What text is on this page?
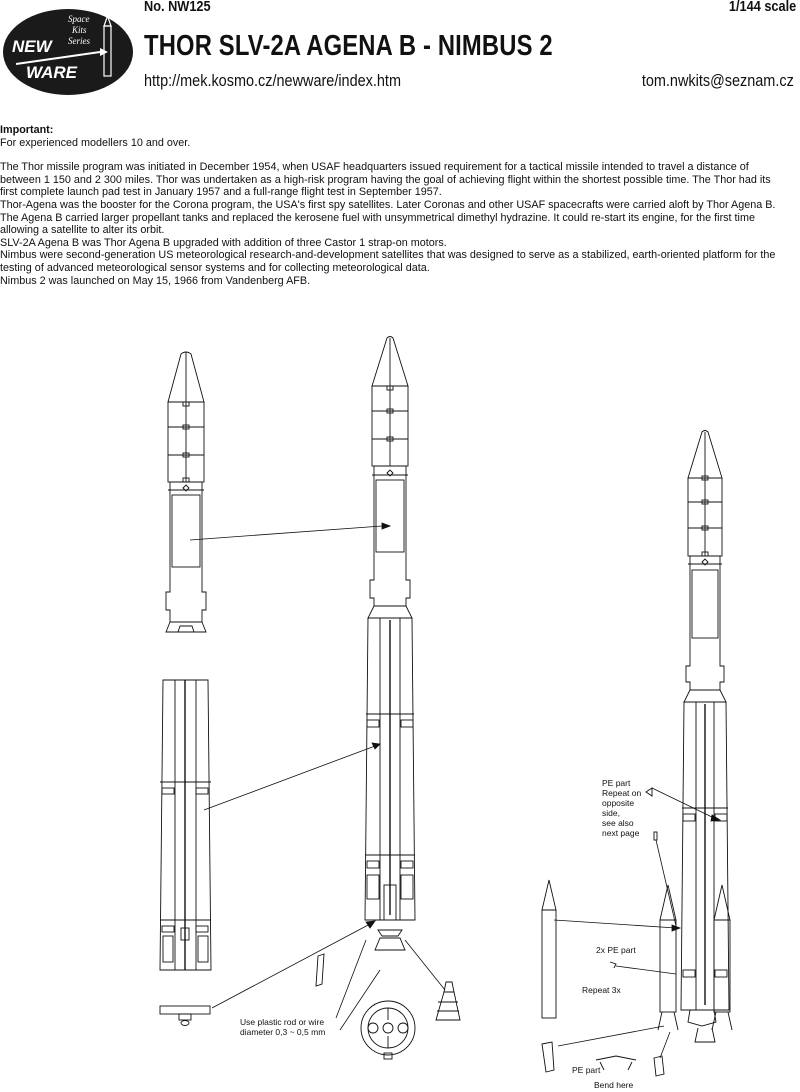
NEW
WARE
Space
Kits
Series
No. NW125	1/144 scale
THOR SLV-2A AGENA B - NIMBUS 2
http://mek.kosmo.cz/newware/index.htm	tom.nwkits@seznam.cz

Important:

For experienced modellers 10 and over.

The Thor missile program was initiated in December 1954, when USAF headquarters issued requirement for a tactical missile intended to travel a distance of between 1 150 and 2 300 miles. Thor was undertaken as a high-risk program having the goal of achieving flight within the shortest possible time. The Thor had its first complete launch pad test in January 1957 and a full-range flight test in September 1957.

Thor-Agena was the booster for the Corona program, the USA's first spy satellites. Later Coronas and other USAF spacecrafts were carried aloft by Thor Agena B. The Agena B carried larger propellant tanks and replaced the kerosene fuel with unsymmetrical dimethyl hydrazine. It could re-start its engine, for the first time allowing a satellite to alter its orbit.

SLV-2A Agena B was Thor Agena B upgraded with addition of three Castor 1 strap-on motors.

Nimbus were second-generation US meteorological research-and-development satellites that was designed to serve as a stabilized, earth-oriented platform for the testing of advanced meteorological sensor systems and for collecting meteorological data.

Nimbus 2 was launched on May 15, 1966 from Vandenberg AFB.

Use plastic rod or wire
diameter 0,3 ~ 0,5 mm
PE part
Repeat on
opposite
side,
see also
next page
2x PE part
Repeat 3x
PE part
Bend here
